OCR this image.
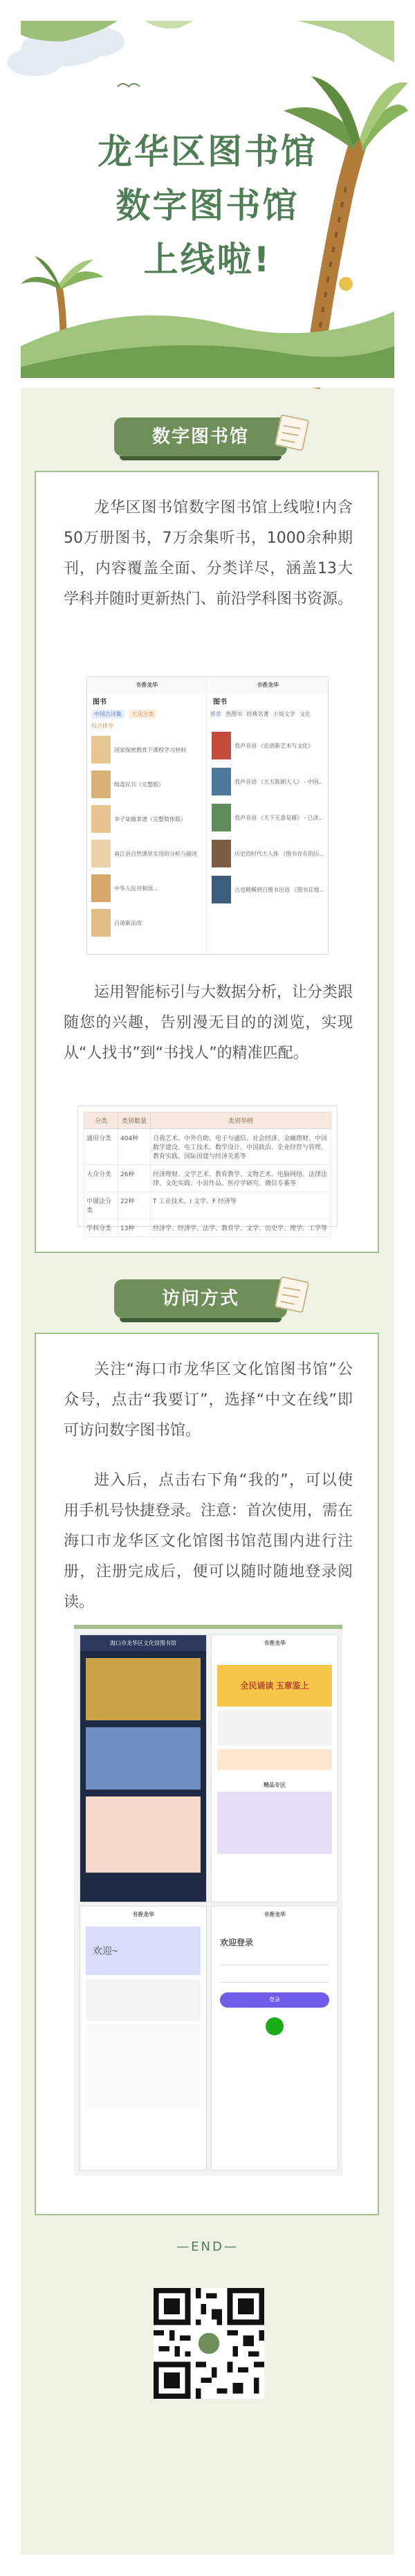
龙华区图书馆
数字图书馆
上线啦!
数字图书馆

龙华区图书馆数字图书馆上线啦!内含50万册图书，7万余集听书，1000余种期刊，内容覆盖全面、分类详尽，涵盖13大学科并随时更新热门、前沿学科图书资源。

书香龙华
图书
中国古诗集 大众分类
综合排序
国家保密教育下课程学习材料
缉毒民兵（完整版）
李子柒做菜谱（完整简体版）
南江县自然课里实用的分析与描述
中华人民共和国...
吕迪新法改
书香龙华
图书
推荐 热图书 经典名著 小说文学 文化
我声音语 《论语新艺术与文化》
我声音语 《五五陈剧大人》 - 中国...
我声音语 《天下无意是路》 - 已读...
历史的时代大人体 《图书存在的历...
古也稍稀到百图书出语 《图书在地...

运用智能标引与大数据分析，让分类跟随您的兴趣，告别漫无目的的浏览，实现从“人找书”到“书找人”的精准匹配。

分类	类别数量	类别举例
通用分类	404种	自我艺术、中外自助、电子与通信、社会经济、金融理财、中国数学建设、电工技术、数学设计、中国政治、企业经营与管理、教育实践、国际国建与经济关系等
大众分类	26种	经济理财、文学艺术、教育教学、文物艺术、电脑网络、法律法律、文化实践、小说作品、医疗学研究、微信专番等
中图法分类	22种	T 工业技术、I 文学、F 经济等
学科分类	13种	经济学、经济学、法学、教育学、文学、历史学、理学、工学等
访问方式

关注“海口市龙华区文化馆图书馆”公众号，点击“我要订”，选择“中文在线”即可访问数字图书馆。

进入后，点击右下角“我的”，可以使用手机号快捷登录。注意：首次使用，需在海口市龙华区文化馆图书馆范围内进行注册，注册完成后，便可以随时随地登录阅读。

海口市龙华区文化馆图书馆	书香龙华
全民诵读 玉章鉴上
精品专区
书香龙华
欢迎~
书香龙华
欢迎登录
登录
—END—
